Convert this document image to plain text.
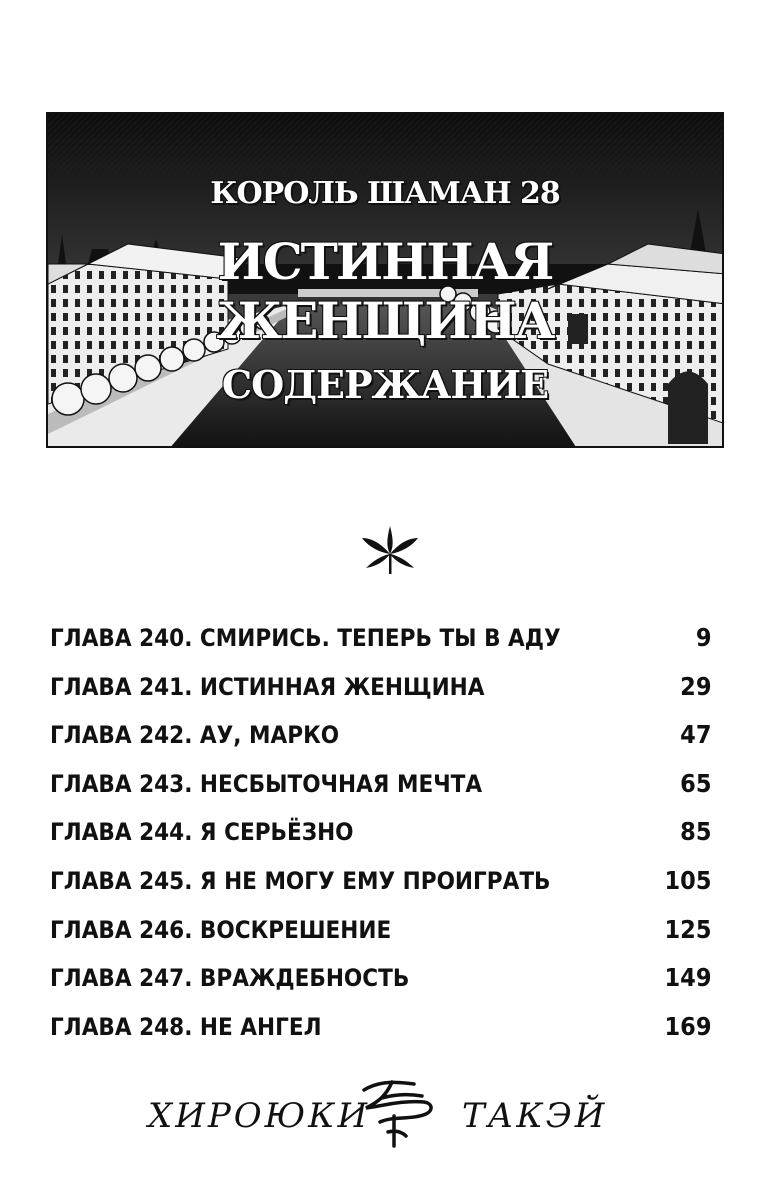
КОРОЛЬ ШАМАН 28
ИСТИННАЯ ЖЕНЩИНА
СОДЕРЖАНИЕ
ГЛАВА 240. СМИРИСЬ. ТЕПЕРЬ ТЫ В АДУ	9
ГЛАВА 241. ИСТИННАЯ ЖЕНЩИНА	29
ГЛАВА 242. АУ, МАРКО	47
ГЛАВА 243. НЕСБЫТОЧНАЯ МЕЧТА	65
ГЛАВА 244. Я СЕРЬЁЗНО	85
ГЛАВА 245. Я НЕ МОГУ ЕМУ ПРОИГРАТЬ	105
ГЛАВА 246. ВОСКРЕШЕНИЕ	125
ГЛАВА 247. ВРАЖДЕБНОСТЬ	149
ГЛАВА 248. НЕ АНГЕЛ	169
ХИРОЮКИ	ТАКЭЙ
